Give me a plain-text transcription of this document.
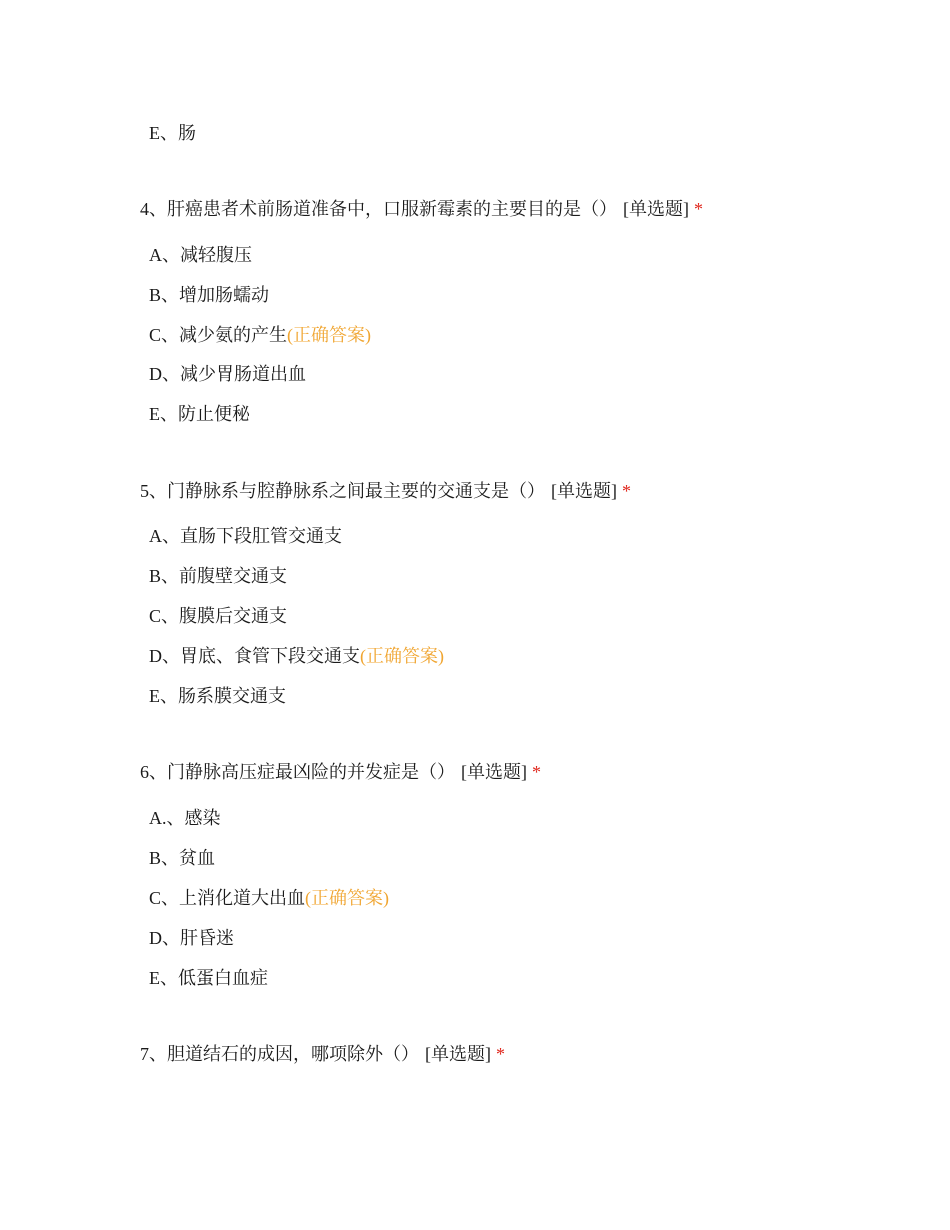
E、肠
4、肝癌患者术前肠道准备中，口服新霉素的主要目的是（） [单选题] *
A、减轻腹压
B、增加肠蠕动
C、减少氨的产生(正确答案)
D、减少胃肠道出血
E、防止便秘
5、门静脉系与腔静脉系之间最主要的交通支是（） [单选题] *
A、直肠下段肛管交通支
B、前腹壁交通支
C、腹膜后交通支
D、胃底、食管下段交通支(正确答案)
E、肠系膜交通支
6、门静脉高压症最凶险的并发症是（） [单选题] *
A.、感染
B、贫血
C、上消化道大出血(正确答案)
D、肝昏迷
E、低蛋白血症
7、胆道结石的成因，哪项除外（） [单选题] *
